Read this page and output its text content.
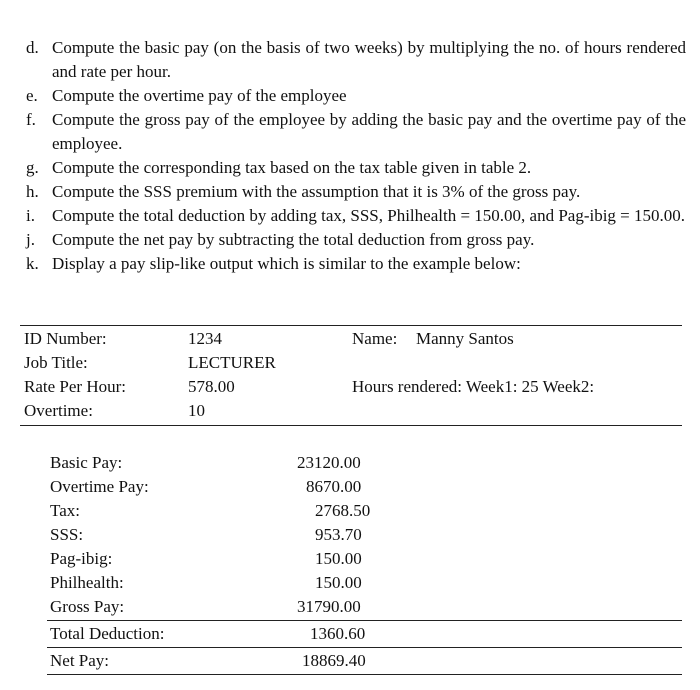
d. Compute the basic pay (on the basis of two weeks) by multiplying the no. of hours rendered and rate per hour.
e. Compute the overtime pay of the employee
f. Compute the gross pay of the employee by adding the basic pay and the overtime pay of the employee.
g. Compute the corresponding tax based on the tax table given in table 2.
h. Compute the SSS premium with the assumption that it is 3% of the gross pay.
i.	Compute the total deduction by adding tax, SSS, Philhealth = 150.00, and Pag-ibig = 150.00.
j.	Compute the net pay by subtracting the total deduction from gross pay.
k. Display a pay slip-like output which is similar to the example below:
ID Number:	1234	Name: Manny Santos
Job Title:	LECTURER
Rate Per Hour:	578.00	Hours rendered: Week1: 25 Week2:
Overtime:	10
Basic Pay:	23120.00
Overtime Pay:	8670.00
Tax:	2768.50
SSS:	953.70
Pag-ibig:	150.00
Philhealth:	150.00
Gross Pay:	31790.00
Total Deduction:	1360.60
Net Pay:	18869.40
